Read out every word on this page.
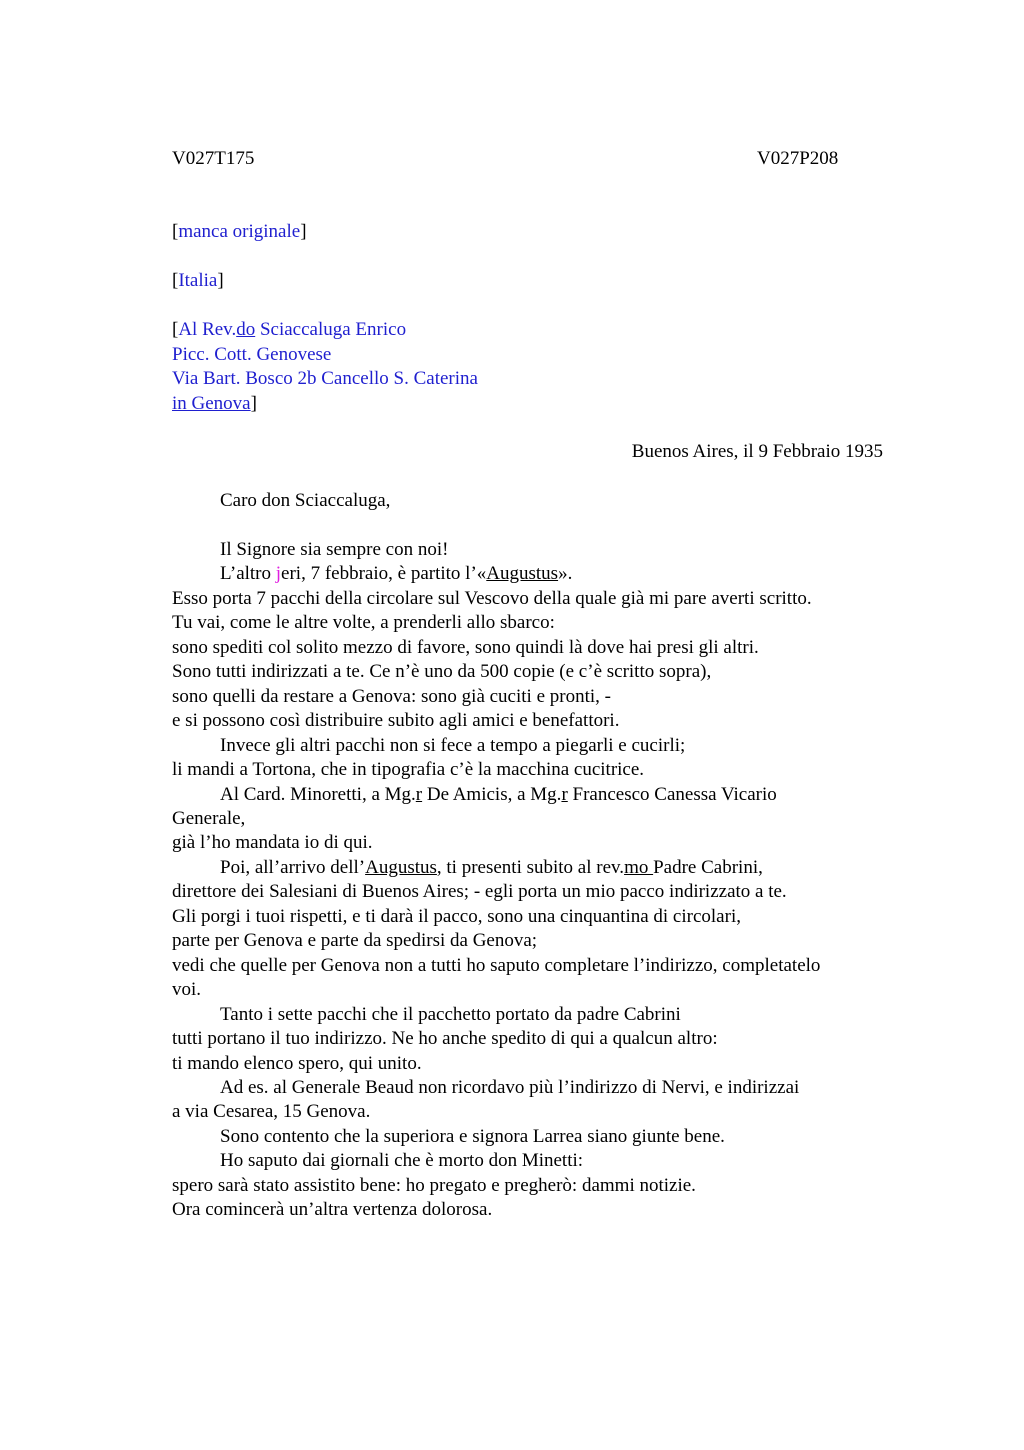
V027T175	V027P208
[manca originale]
[Italia]
[Al Rev.do Sciaccaluga Enrico
Picc. Cott. Genovese
Via Bart. Bosco 2b Cancello S. Caterina
in Genova]
Buenos Aires, il 9 Febbraio 1935
Caro don Sciaccaluga,
Il Signore sia sempre con noi!
L’altro jeri, 7 febbraio, è partito l’«Augustus».
Esso porta 7 pacchi della circolare sul Vescovo della quale già mi pare averti scritto.
Tu vai, come le altre volte, a prenderli allo sbarco:
sono spediti col solito mezzo di favore, sono quindi là dove hai presi gli altri.
Sono tutti indirizzati a te. Ce n’è uno da 500 copie (e c’è scritto sopra),
sono quelli da restare a Genova: sono già cuciti e pronti, -
e si possono così distribuire subito agli amici e benefattori.
Invece gli altri pacchi non si fece a tempo a piegarli e cucirli;
li mandi a Tortona, che in tipografia c’è la macchina cucitrice.
Al Card. Minoretti, a Mg.r De Amicis, a Mg.r Francesco Canessa Vicario
Generale,
già l’ho mandata io di qui.
Poi, all’arrivo dell’Augustus, ti presenti subito al rev.mo Padre Cabrini,
direttore dei Salesiani di Buenos Aires; - egli porta un mio pacco indirizzato a te.
Gli porgi i tuoi rispetti, e ti darà il pacco, sono una cinquantina di circolari,
parte per Genova e parte da spedirsi da Genova;
vedi che quelle per Genova non a tutti ho saputo completare l’indirizzo, completatelo
voi.
Tanto i sette pacchi che il pacchetto portato da padre Cabrini
tutti portano il tuo indirizzo. Ne ho anche spedito di qui a qualcun altro:
ti mando elenco spero, qui unito.
Ad es. al Generale Beaud non ricordavo più l’indirizzo di Nervi, e indirizzai
a via Cesarea, 15 Genova.
Sono contento che la superiora e signora Larrea siano giunte bene.
Ho saputo dai giornali che è morto don Minetti:
spero sarà stato assistito bene: ho pregato e pregherò: dammi notizie.
Ora comincerà un’altra vertenza dolorosa.
